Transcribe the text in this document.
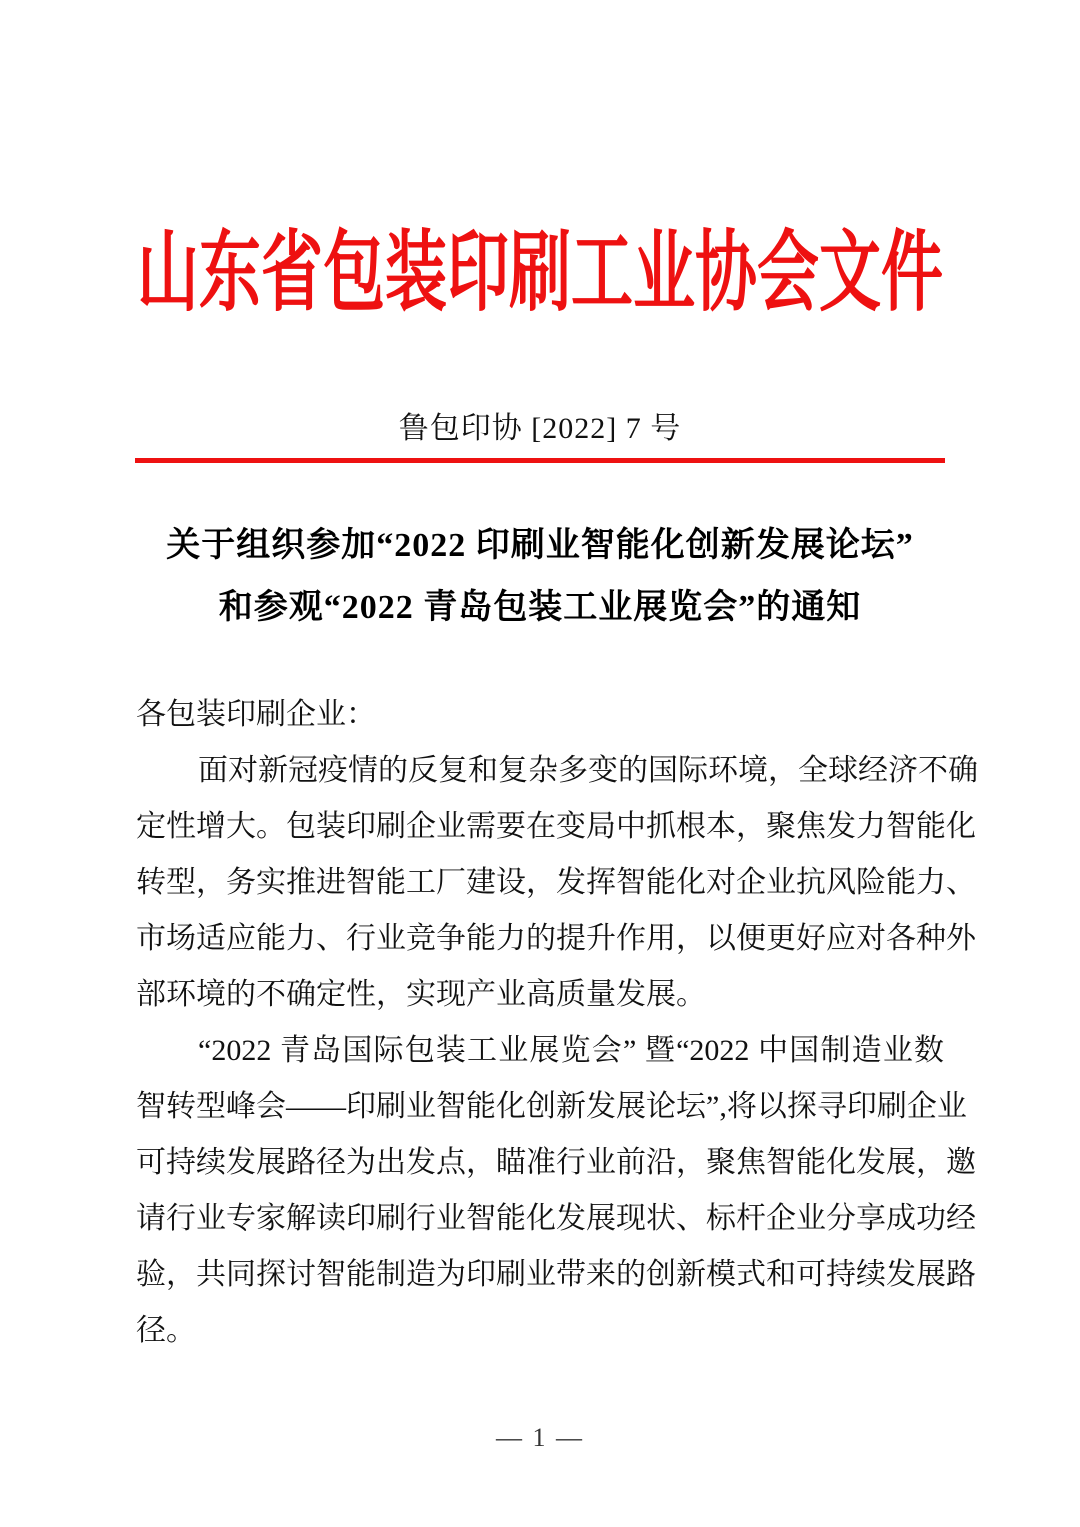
山东省包装印刷工业协会文件
鲁包印协 [2022] 7 号
关于组织参加“2022 印刷业智能化创新发展论坛”
和参观“2022 青岛包装工业展览会”的通知
各包装印刷企业：
面对新冠疫情的反复和复杂多变的国际环境，全球经济不确
定性增大。包装印刷企业需要在变局中抓根本，聚焦发力智能化
转型，务实推进智能工厂建设，发挥智能化对企业抗风险能力、
市场适应能力、行业竞争能力的提升作用，以便更好应对各种外
部环境的不确定性，实现产业高质量发展。
“2022 青岛国际包装工业展览会” 暨“2022 中国制造业数
智转型峰会——印刷业智能化创新发展论坛”,将以探寻印刷企业
可持续发展路径为出发点，瞄准行业前沿，聚焦智能化发展，邀
请行业专家解读印刷行业智能化发展现状、标杆企业分享成功经
验，共同探讨智能制造为印刷业带来的创新模式和可持续发展路
径。
— 1 —
